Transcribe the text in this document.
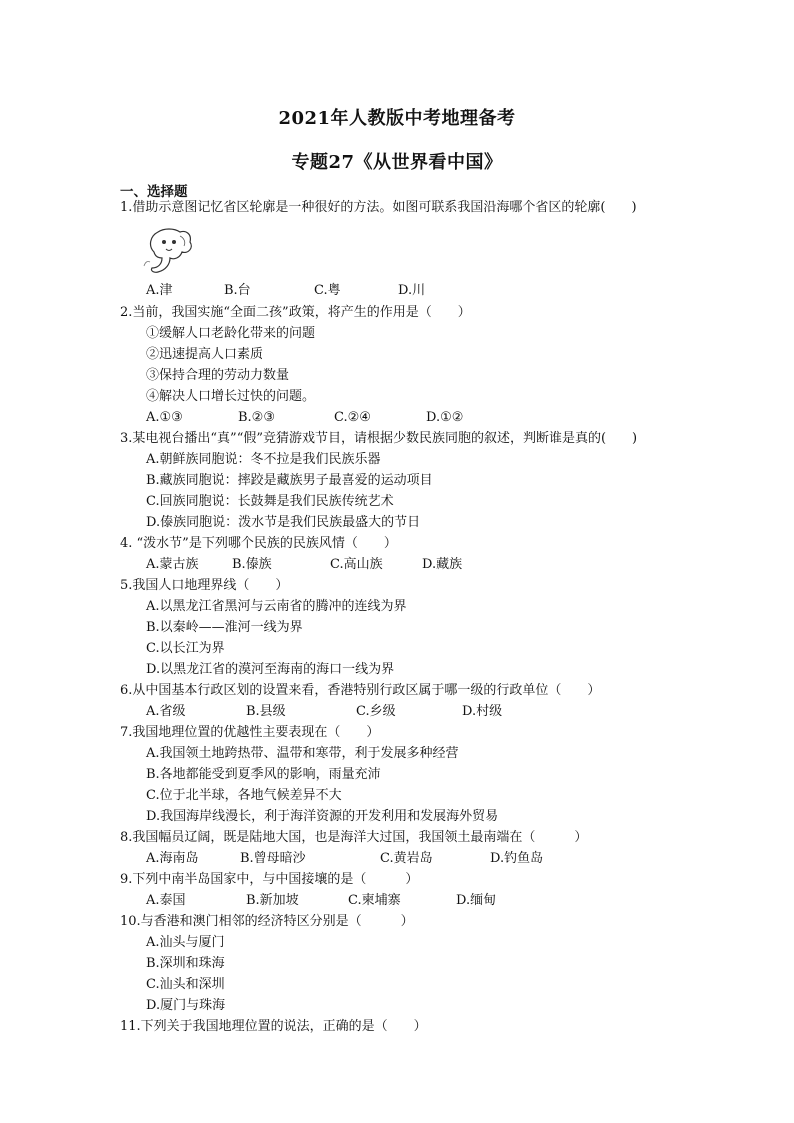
2021年人教版中考地理备考
专题27《从世界看中国》
一、选择题
1.借助示意图记忆省区轮廓是一种很好的方法。如图可联系我国沿海哪个省区的轮廓(　　)
A.津	B.台	C.粤	D.川
2.当前，我国实施“全面二孩”政策，将产生的作用是（　　）
①缓解人口老龄化带来的问题
②迅速提高人口素质
③保持合理的劳动力数量
④解决人口增长过快的问题。
A.①③	B.②③	C.②④	D.①②
3.某电视台播出“真”“假”竞猜游戏节目，请根据少数民族同胞的叙述，判断谁是真的(　　)
A.朝鲜族同胞说：冬不拉是我们民族乐器
B.藏族同胞说：摔跤是藏族男子最喜爱的运动项目
C.回族同胞说：长鼓舞是我们民族传统艺术
D.傣族同胞说：泼水节是我们民族最盛大的节日
4. “泼水节”是下列哪个民族的民族风情（　　）
A.蒙古族	B.傣族	C.高山族	D.藏族
5.我国人口地理界线（　　）
A.以黑龙江省黑河与云南省的腾冲的连线为界
B.以秦岭——淮河一线为界
C.以长江为界
D.以黑龙江省的漠河至海南的海口一线为界
6.从中国基本行政区划的设置来看，香港特别行政区属于哪一级的行政单位（　　）
A.省级	B.县级	C.乡级	D.村级
7.我国地理位置的优越性主要表现在（　　）
A.我国领土地跨热带、温带和寒带，利于发展多种经营
B.各地都能受到夏季风的影响，雨量充沛
C.位于北半球，各地气候差异不大
D.我国海岸线漫长，利于海洋资源的开发利用和发展海外贸易
8.我国幅员辽阔，既是陆地大国，也是海洋大过国，我国领土最南端在（　　　）
A.海南岛	B.曾母暗沙	C.黄岩岛	D.钓鱼岛
9.下列中南半岛国家中，与中国接壤的是（　　　）
A.泰国	B.新加坡	C.柬埔寨	D.缅甸
10.与香港和澳门相邻的经济特区分别是（　　　）
A.汕头与厦门
B.深圳和珠海
C.汕头和深圳
D.厦门与珠海
11.下列关于我国地理位置的说法，正确的是（　　）
